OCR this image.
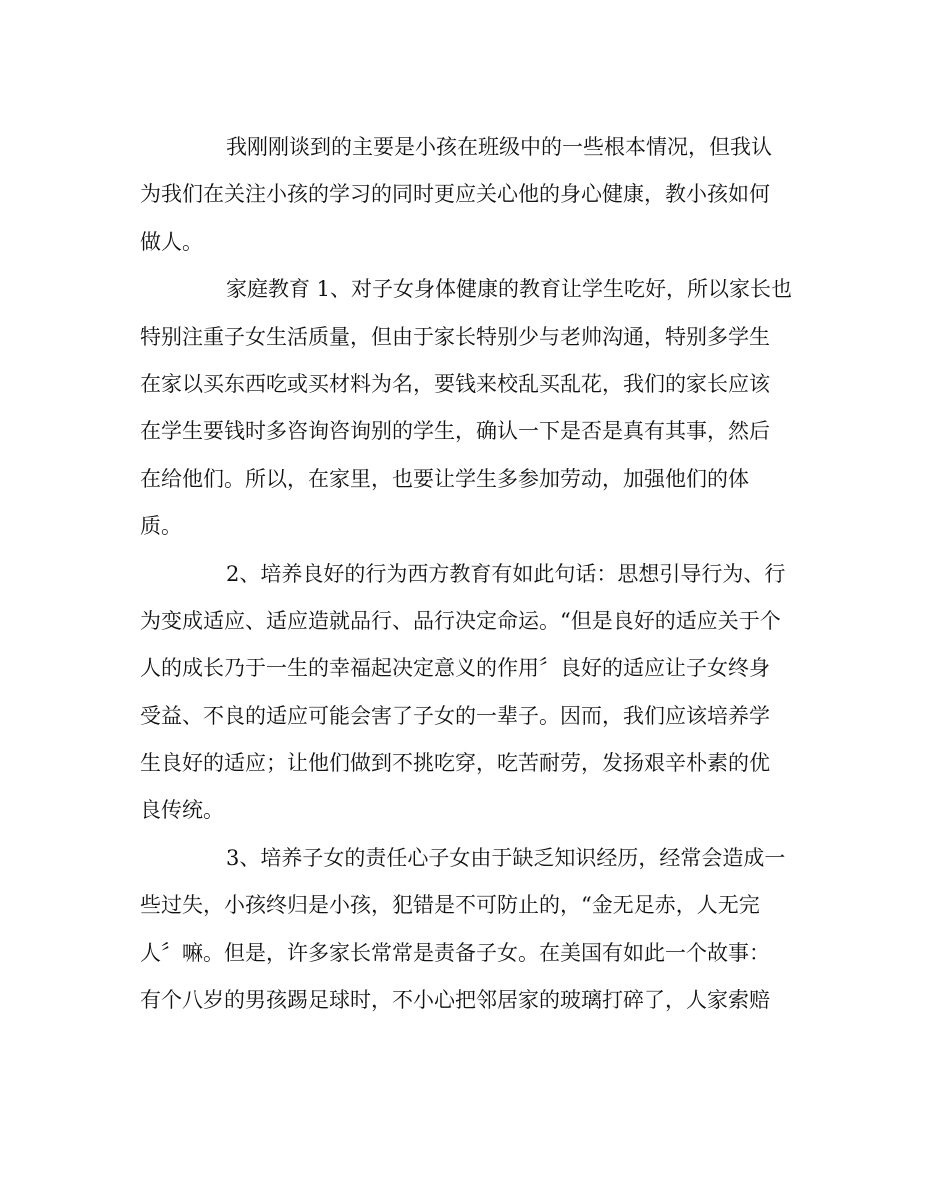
我刚刚谈到的主要是小孩在班级中的一些根本情况，但我认
为我们在关注小孩的学习的同时更应关心他的身心健康，教小孩如何
做人。
家庭教育 1、对子女身体健康的教育让学生吃好，所以家长也
特别注重子女生活质量，但由于家长特别少与老帅沟通，特别多学生
在家以买东西吃或买材料为名，要钱来校乱买乱花，我们的家长应该
在学生要钱时多咨询咨询别的学生，确认一下是否是真有其事，然后
在给他们。所以，在家里，也要让学生多参加劳动，加强他们的体
质。
2、培养良好的行为西方教育有如此句话：思想引导行为、行
为变成适应、适应造就品行、品行决定命运。“但是良好的适应关于个
人的成长乃于一生的幸福起决定意义的作用〞良好的适应让子女终身
受益、不良的适应可能会害了子女的一辈子。因而，我们应该培养学
生良好的适应；让他们做到不挑吃穿，吃苦耐劳，发扬艰辛朴素的优
良传统。
3、培养子女的责任心子女由于缺乏知识经历，经常会造成一
些过失，小孩终归是小孩，犯错是不可防止的，“金无足赤，人无完
人〞嘛。但是，许多家长常常是责备子女。在美国有如此一个故事：
有个八岁的男孩踢足球时，不小心把邻居家的玻璃打碎了，人家索赔
